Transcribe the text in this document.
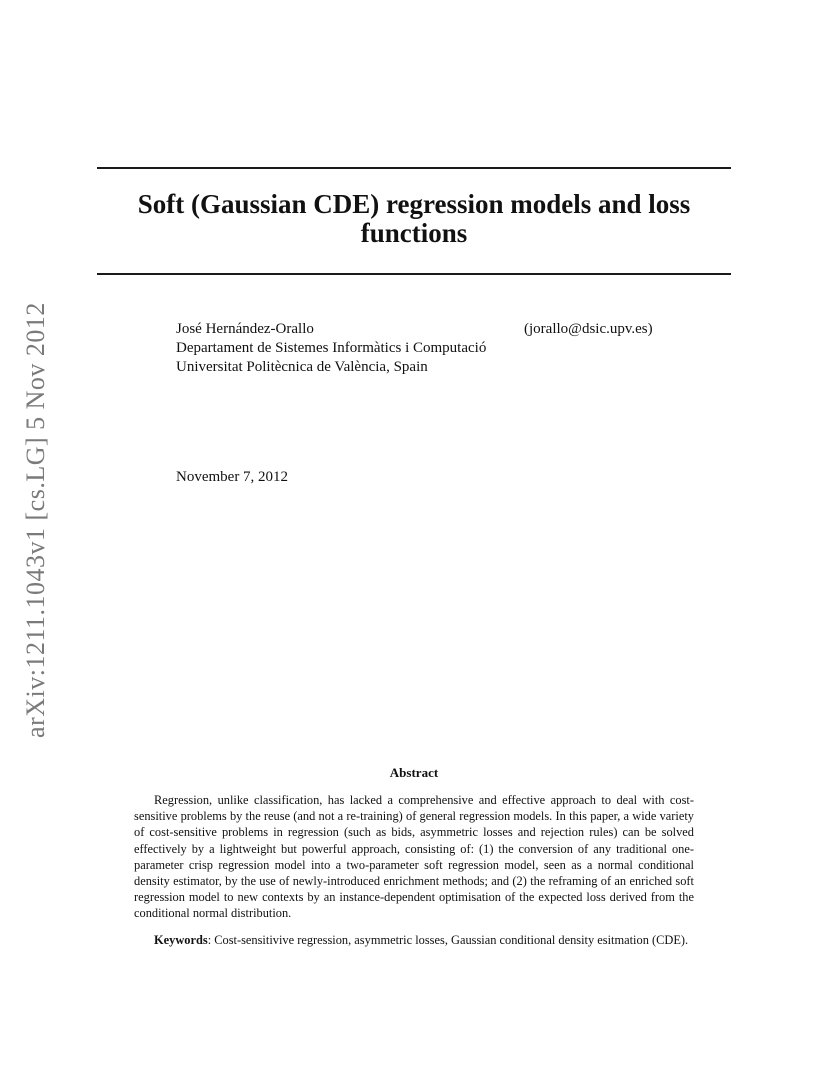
arXiv:1211.1043v1 [cs.LG] 5 Nov 2012
Soft (Gaussian CDE) regression models and loss functions
José Hernández-Orallo
Departament de Sistemes Informàtics i Computació
Universitat Politècnica de València, Spain
(jorallo@dsic.upv.es)
November 7, 2012
Abstract

Regression, unlike classification, has lacked a comprehensive and effective approach to deal with cost-sensitive problems by the reuse (and not a re-training) of general regression models. In this paper, a wide variety of cost-sensitive problems in regression (such as bids, asymmetric losses and rejection rules) can be solved effectively by a lightweight but powerful approach, consisting of: (1) the conversion of any traditional one-parameter crisp regression model into a two-parameter soft regression model, seen as a normal conditional density estimator, by the use of newly-introduced enrichment methods; and (2) the reframing of an enriched soft regression model to new contexts by an instance-dependent optimisation of the expected loss derived from the conditional normal distribution.

Keywords: Cost-sensitivive regression, asymmetric losses, Gaussian conditional density esitmation (CDE).
